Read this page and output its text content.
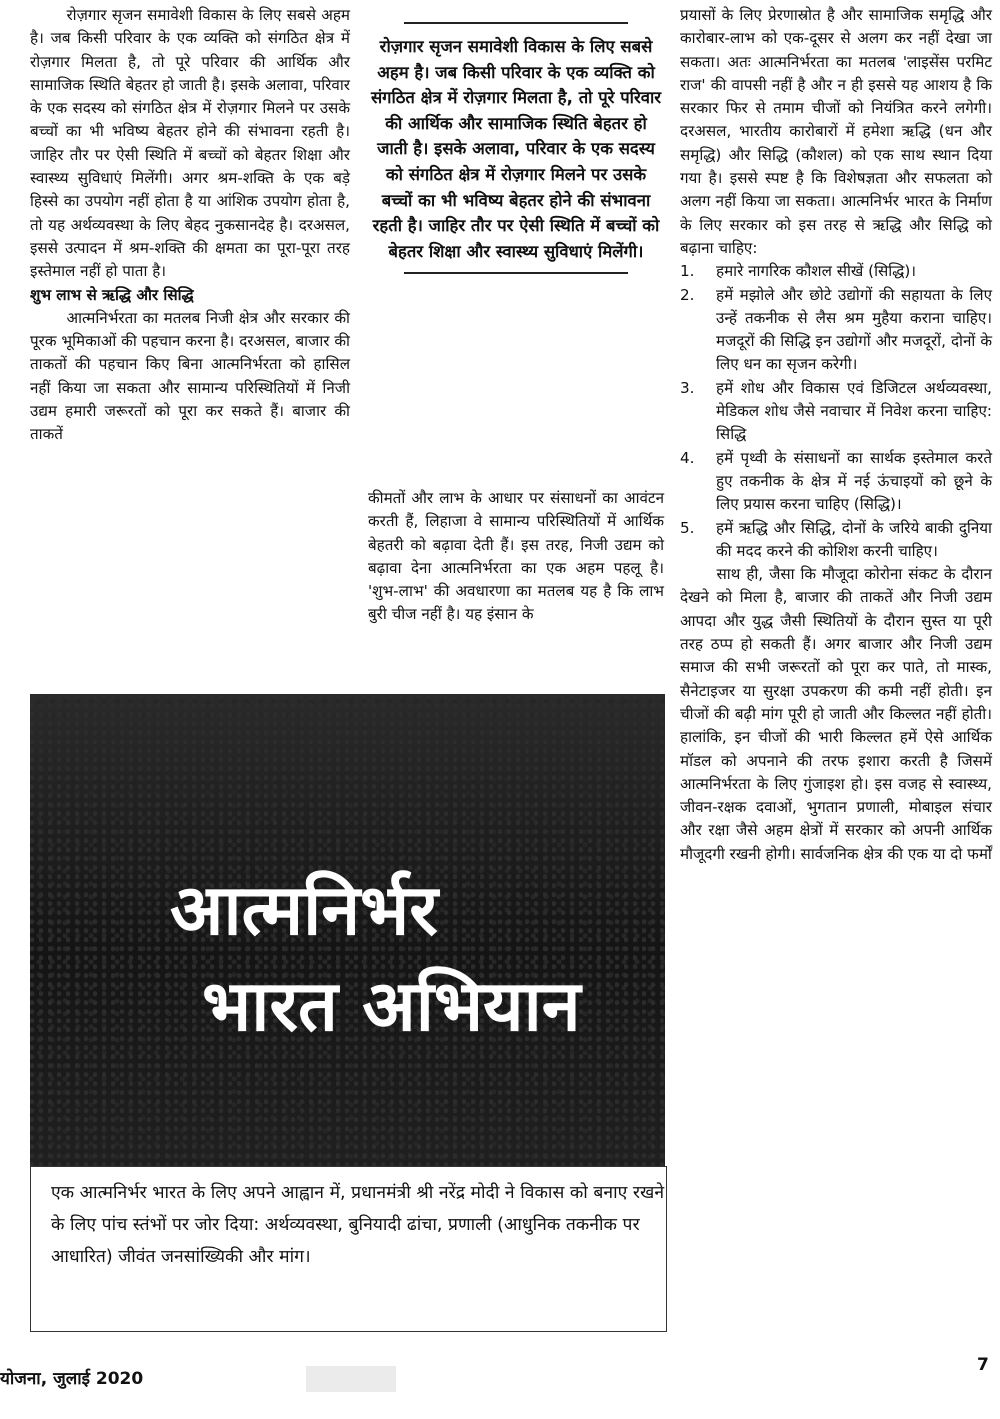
रोज़गार सृजन समावेशी विकास के लिए सबसे अहम है। जब किसी परिवार के एक व्यक्ति को संगठित क्षेत्र में रोज़गार मिलता है, तो पूरे परिवार की आर्थिक और सामाजिक स्थिति बेहतर हो जाती है। इसके अलावा, परिवार के एक सदस्य को संगठित क्षेत्र में रोज़गार मिलने पर उसके बच्चों का भी भविष्य बेहतर होने की संभावना रहती है। जाहिर तौर पर ऐसी स्थिति में बच्चों को बेहतर शिक्षा और स्वास्थ्य सुविधाएं मिलेंगी। अगर श्रम-शक्ति के एक बड़े हिस्से का उपयोग नहीं होता है या आंशिक उपयोग होता है, तो यह अर्थव्यवस्था के लिए बेहद नुकसानदेह है। दरअसल, इससे उत्पादन में श्रम-शक्ति की क्षमता का पूरा-पूरा तरह इस्तेमाल नहीं हो पाता है।

शुभ लाभ से ऋद्धि और सिद्धि

आत्मनिर्भरता का मतलब निजी क्षेत्र और सरकार की पूरक भूमिकाओं की पहचान करना है। दरअसल, बाजार की ताकतों की पहचान किए बिना आत्मनिर्भरता को हासिल नहीं किया जा सकता और सामान्य परिस्थितियों में निजी उद्यम हमारी जरूरतों को पूरा कर सकते हैं। बाजार की ताकतें

रोज़गार सृजन समावेशी विकास के लिए सबसे अहम है। जब किसी परिवार के एक व्यक्ति को संगठित क्षेत्र में रोज़गार मिलता है, तो पूरे परिवार की आर्थिक और सामाजिक स्थिति बेहतर हो जाती है। इसके अलावा, परिवार के एक सदस्य को संगठित क्षेत्र में रोज़गार मिलने पर उसके बच्चों का भी भविष्य बेहतर होने की संभावना रहती है। जाहिर तौर पर ऐसी स्थिति में बच्चों को बेहतर शिक्षा और स्वास्थ्य सुविधाएं मिलेंगी।

कीमतों और लाभ के आधार पर संसाधनों का आवंटन करती हैं, लिहाजा वे सामान्य परिस्थितियों में आर्थिक बेहतरी को बढ़ावा देती हैं। इस तरह, निजी उद्यम को बढ़ावा देना आत्मनिर्भरता का एक अहम पहलू है। 'शुभ-लाभ' की अवधारणा का मतलब यह है कि लाभ बुरी चीज नहीं है। यह इंसान के

प्रयासों के लिए प्रेरणास्रोत है और सामाजिक समृद्धि और कारोबार-लाभ को एक-दूसर से अलग कर नहीं देखा जा सकता। अतः आत्मनिर्भरता का मतलब 'लाइसेंस परमिट राज' की वापसी नहीं है और न ही इससे यह आशय है कि सरकार फिर से तमाम चीजों को नियंत्रित करने लगेगी। दरअसल, भारतीय कारोबारों में हमेशा ऋद्धि (धन और समृद्धि) और सिद्धि (कौशल) को एक साथ स्थान दिया गया है। इससे स्पष्ट है कि विशेषज्ञता और सफलता को अलग नहीं किया जा सकता। आत्मनिर्भर भारत के निर्माण के लिए सरकार को इस तरह से ऋद्धि और सिद्धि को बढ़ाना चाहिए:

1.	हमारे नागरिक कौशल सीखें (सिद्धि)।
2.	हमें मझोले और छोटे उद्योगों की सहायता के लिए उन्हें तकनीक से लैस श्रम मुहैया कराना चाहिए। मजदूरों की सिद्धि इन उद्योगों और मजदूरों, दोनों के लिए धन का सृजन करेगी।
3.	हमें शोध और विकास एवं डिजिटल अर्थव्यवस्था, मेडिकल शोध जैसे नवाचार में निवेश करना चाहिए: सिद्धि
4.	हमें पृथ्वी के संसाधनों का सार्थक इस्तेमाल करते हुए तकनीक के क्षेत्र में नई ऊंचाइयों को छूने के लिए प्रयास करना चाहिए (सिद्धि)।
5.	हमें ऋद्धि और सिद्धि, दोनों के जरिये बाकी दुनिया की मदद करने की कोशिश करनी चाहिए।

साथ ही, जैसा कि मौजूदा कोरोना संकट के दौरान देखने को मिला है, बाजार की ताकतें और निजी उद्यम आपदा और युद्ध जैसी स्थितियों के दौरान सुस्त या पूरी तरह ठप्प हो सकती हैं। अगर बाजार और निजी उद्यम समाज की सभी जरूरतों को पूरा कर पाते, तो मास्क, सैनेटाइजर या सुरक्षा उपकरण की कमी नहीं होती। इन चीजों की बढ़ी मांग पूरी हो जाती और किल्लत नहीं होती। हालांकि, इन चीजों की भारी किल्लत हमें ऐसे आर्थिक मॉडल को अपनाने की तरफ इशारा करती है जिसमें आत्मनिर्भरता के लिए गुंजाइश हो। इस वजह से स्वास्थ्य, जीवन-रक्षक दवाओं, भुगतान प्रणाली, मोबाइल संचार और रक्षा जैसे अहम क्षेत्रों में सरकार को अपनी आर्थिक मौजूदगी रखनी होगी। सार्वजनिक क्षेत्र की एक या दो फर्मों

आत्मनिर्भर
भारत अभियान
एक आत्मनिर्भर भारत के लिए अपने आह्वान में, प्रधानमंत्री श्री नरेंद्र मोदी ने विकास को बनाए रखने के लिए पांच स्तंभों पर जोर दिया: अर्थव्यवस्था, बुनियादी ढांचा, प्रणाली (आधुनिक तकनीक पर आधारित) जीवंत जनसांख्यिकी और मांग।
योजना, जुलाई 2020
7
